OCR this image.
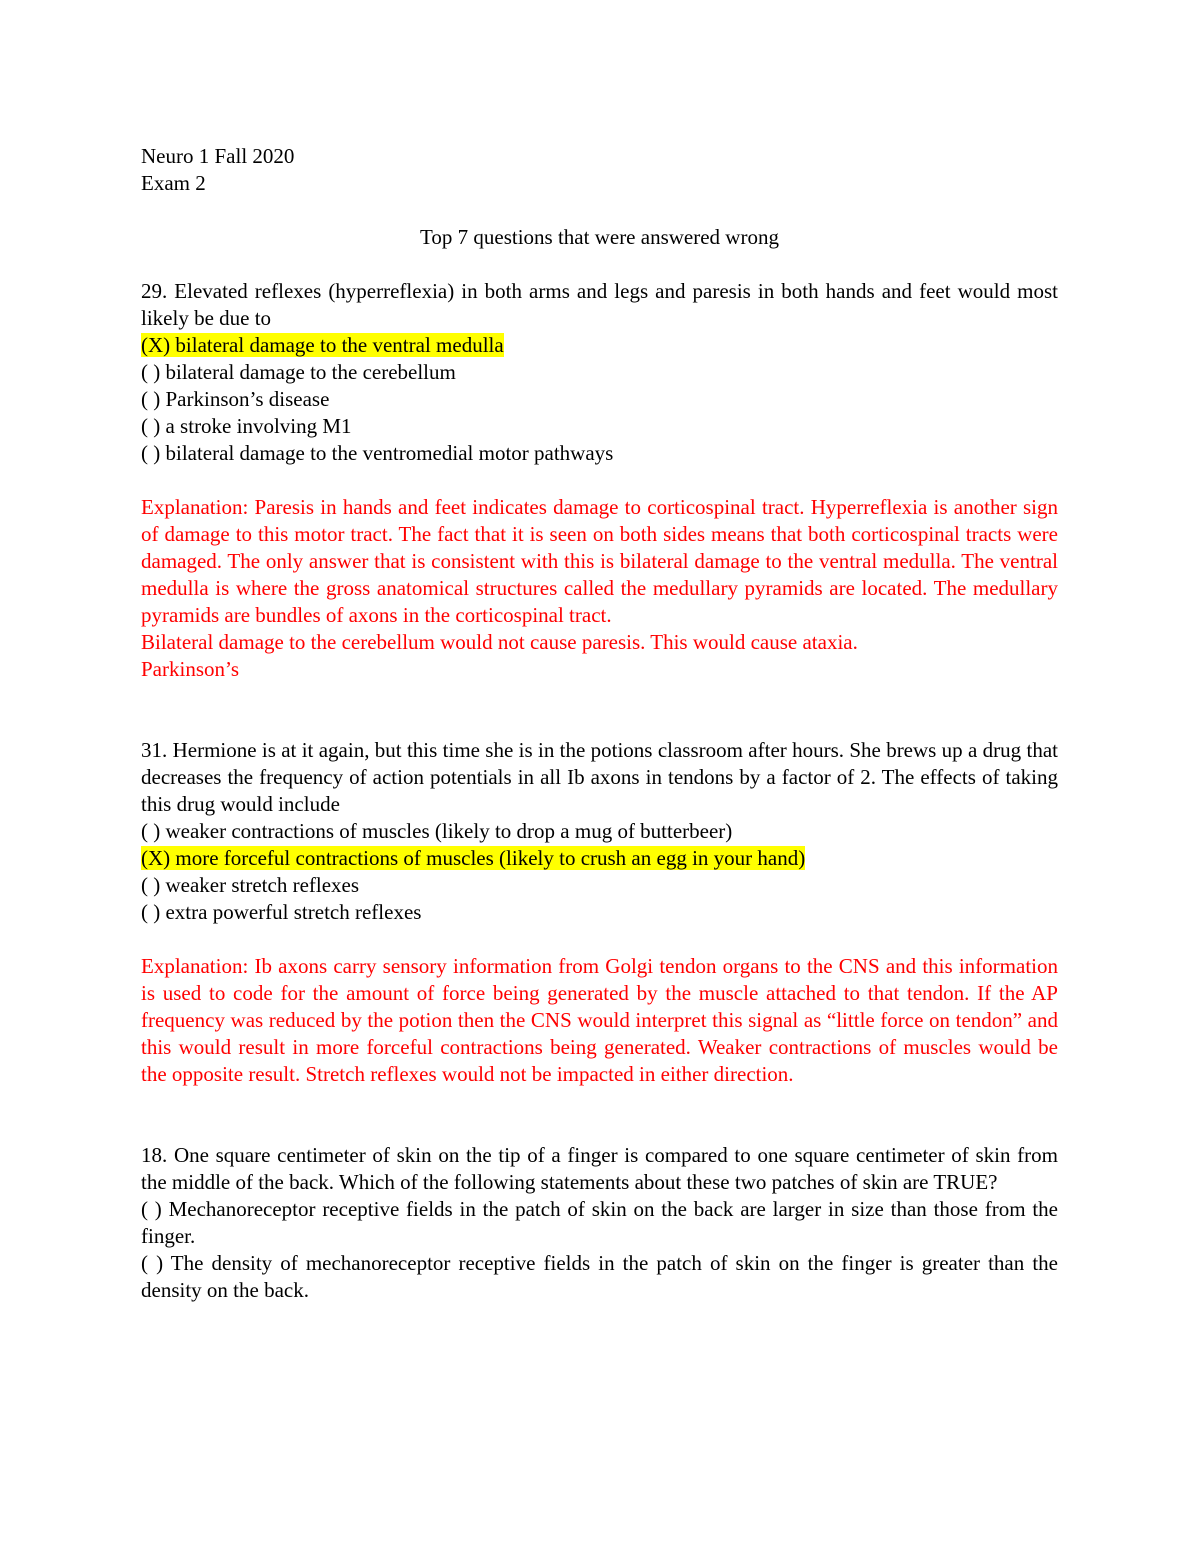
Neuro 1 Fall 2020
Exam 2
Top 7 questions that were answered wrong
29. Elevated reflexes (hyperreflexia) in both arms and legs and paresis in both hands and feet would most likely be due to
(X) bilateral damage to the ventral medulla
( ) bilateral damage to the cerebellum
( ) Parkinson’s disease
( ) a stroke involving M1
( ) bilateral damage to the ventromedial motor pathways
Explanation: Paresis in hands and feet indicates damage to corticospinal tract. Hyperreflexia is another sign of damage to this motor tract. The fact that it is seen on both sides means that both corticospinal tracts were damaged. The only answer that is consistent with this is bilateral damage to the ventral medulla. The ventral medulla is where the gross anatomical structures called the medullary pyramids are located. The medullary pyramids are bundles of axons in the corticospinal tract.
Bilateral damage to the cerebellum would not cause paresis. This would cause ataxia.
Parkinson’s
31. Hermione is at it again, but this time she is in the potions classroom after hours. She brews up a drug that decreases the frequency of action potentials in all Ib axons in tendons by a factor of 2. The effects of taking this drug would include
( ) weaker contractions of muscles (likely to drop a mug of butterbeer)
(X) more forceful contractions of muscles (likely to crush an egg in your hand)
( ) weaker stretch reflexes
( ) extra powerful stretch reflexes
Explanation: Ib axons carry sensory information from Golgi tendon organs to the CNS and this information is used to code for the amount of force being generated by the muscle attached to that tendon. If the AP frequency was reduced by the potion then the CNS would interpret this signal as “little force on tendon” and this would result in more forceful contractions being generated. Weaker contractions of muscles would be the opposite result. Stretch reflexes would not be impacted in either direction.
18. One square centimeter of skin on the tip of a finger is compared to one square centimeter of skin from the middle of the back. Which of the following statements about these two patches of skin are TRUE?
( ) Mechanoreceptor receptive fields in the patch of skin on the back are larger in size than those from the finger.
( ) The density of mechanoreceptor receptive fields in the patch of skin on the finger is greater than the density on the back.
